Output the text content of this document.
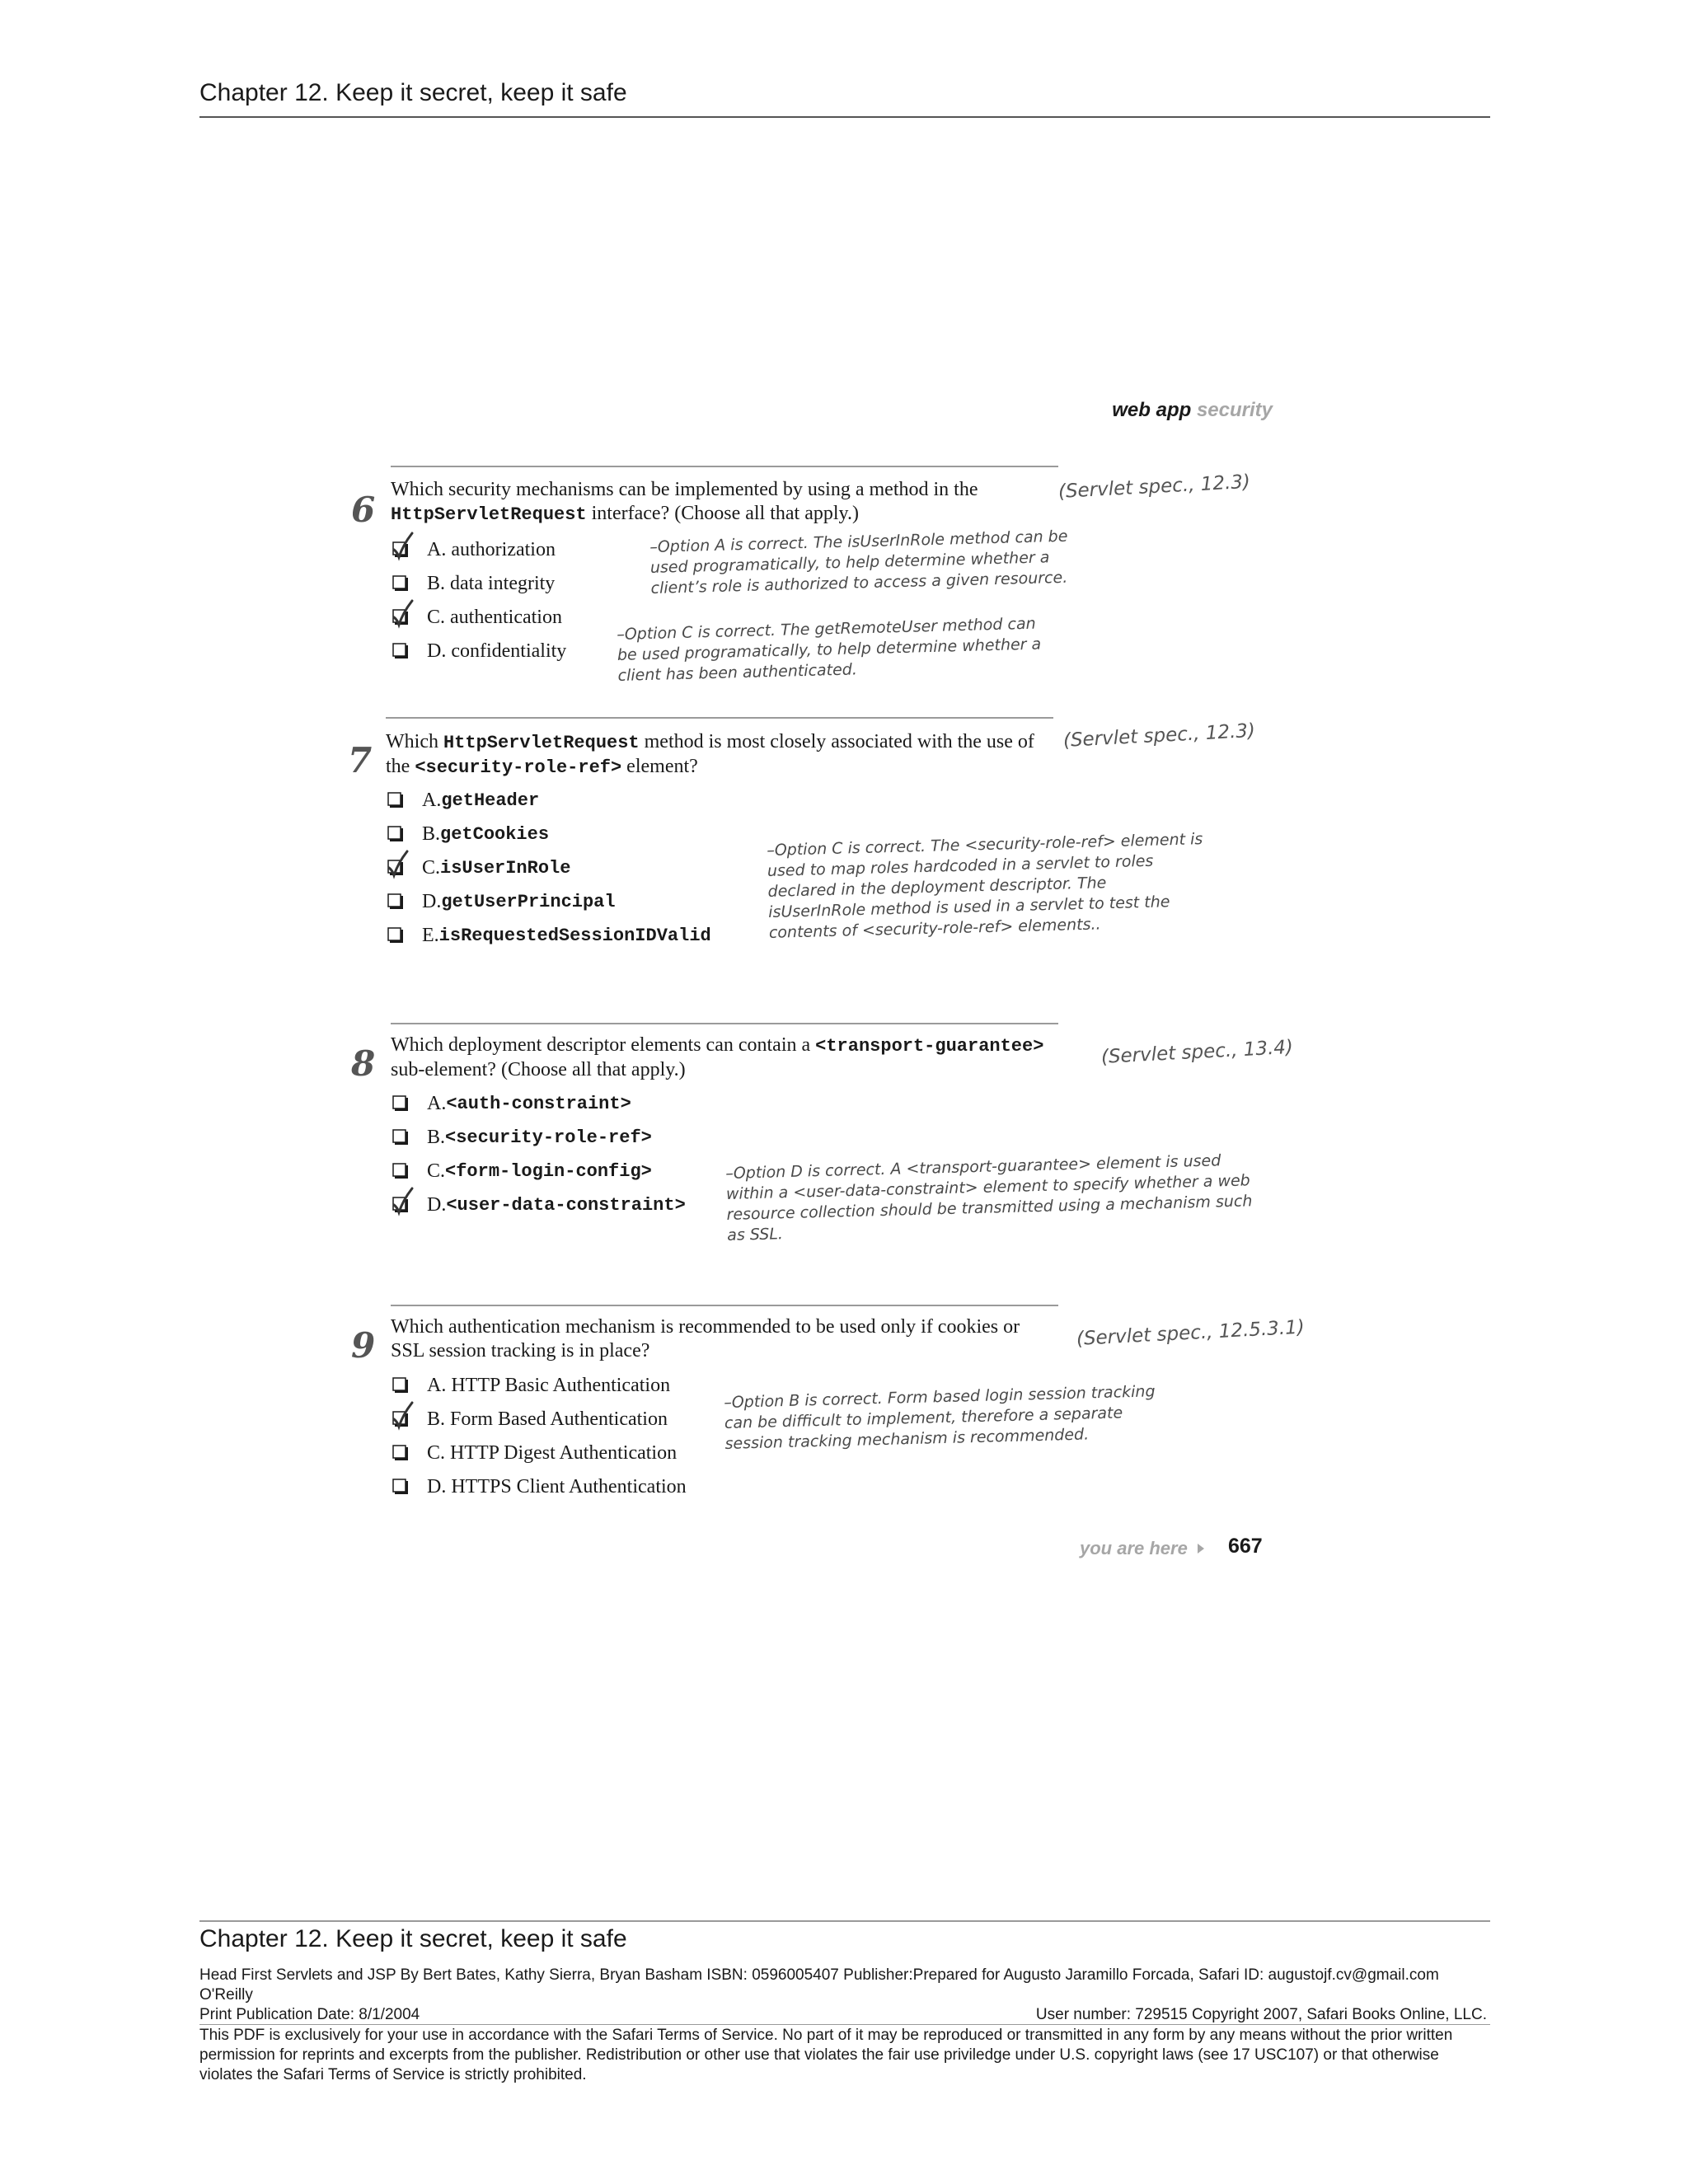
Chapter 12. Keep it secret, keep it safe
web app security
6 Which security mechanisms can be implemented by using a method in the HttpServletRequest interface? (Choose all that apply.)
(Servlet spec., 12.3)
A. authorization
B. data integrity
C. authentication
D. confidentiality
–Option A is correct. The isUserInRole method can be used programatically, to help determine whether a client’s role is authorized to access a given resource.
–Option C is correct. The getRemoteUser method can be used programatically, to help determine whether a client has been authenticated.
7 Which HttpServletRequest method is most closely associated with the use of the <security-role-ref> element?
(Servlet spec., 12.3)
A. getHeader
B. getCookies
C. isUserInRole
D. getUserPrincipal
E. isRequestedSessionIDValid
–Option C is correct. The <security-role-ref> element is used to map roles hardcoded in a servlet to roles declared in the deployment descriptor. The isUserInRole method is used in a servlet to test the contents of <security-role-ref> elements..
8 Which deployment descriptor elements can contain a <transport-guarantee> sub-element? (Choose all that apply.)
(Servlet spec., 13.4)
A. <auth-constraint>
B. <security-role-ref>
C. <form-login-config>
D. <user-data-constraint>
–Option D is correct. A <transport-guarantee> element is used within a <user-data-constraint> element to specify whether a web resource collection should be transmitted using a mechanism such as SSL.
9 Which authentication mechanism is recommended to be used only if cookies or SSL session tracking is in place?
(Servlet spec., 12.5.3.1)
A. HTTP Basic Authentication
B. Form Based Authentication
C. HTTP Digest Authentication
D. HTTPS Client Authentication
–Option B is correct. Form based login session tracking can be difficult to implement, therefore a separate session tracking mechanism is recommended.
you are here 667
Chapter 12. Keep it secret, keep it safe
Head First Servlets and JSP By Bert Bates, Kathy Sierra, Bryan Basham ISBN: 0596005407 Publisher:Prepared for Augusto Jaramillo Forcada, Safari ID: augustojf.cv@gmail.com
O'Reilly
Print Publication Date: 8/1/2004	User number: 729515 Copyright 2007, Safari Books Online, LLC.
This PDF is exclusively for your use in accordance with the Safari Terms of Service. No part of it may be reproduced or transmitted in any form by any means without the prior written permission for reprints and excerpts from the publisher. Redistribution or other use that violates the fair use priviledge under U.S. copyright laws (see 17 USC107) or that otherwise violates the Safari Terms of Service is strictly prohibited.
